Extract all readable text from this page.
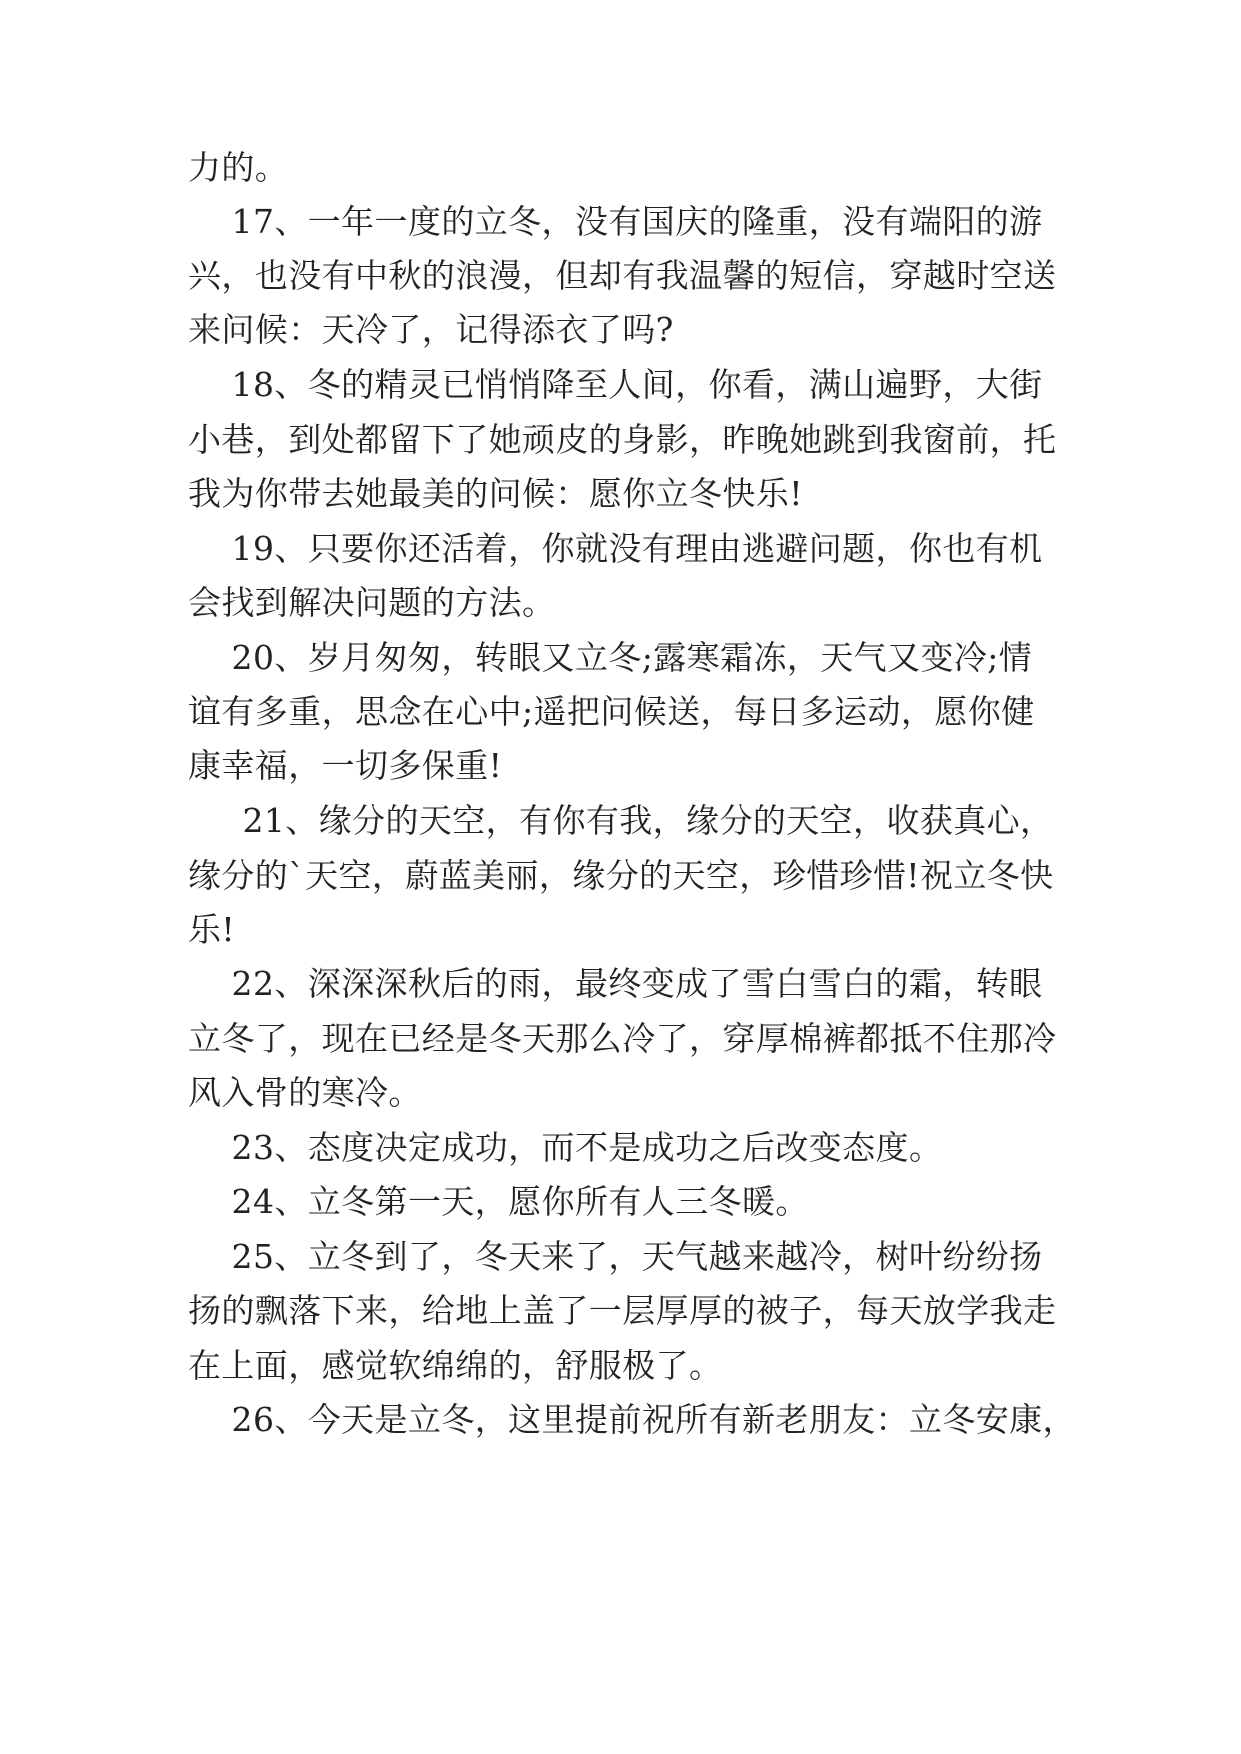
力的。
17、一年一度的立冬，没有国庆的隆重，没有端阳的游
兴，也没有中秋的浪漫，但却有我温馨的短信，穿越时空送
来问候：天冷了，记得添衣了吗?
18、冬的精灵已悄悄降至人间，你看，满山遍野，大街
小巷，到处都留下了她顽皮的身影，昨晚她跳到我窗前，托
我为你带去她最美的问候：愿你立冬快乐!
19、只要你还活着，你就没有理由逃避问题，你也有机
会找到解决问题的方法。
20、岁月匆匆，转眼又立冬;露寒霜冻，天气又变冷;情
谊有多重，思念在心中;遥把问候送，每日多运动，愿你健
康幸福，一切多保重!
21、缘分的天空，有你有我，缘分的天空，收获真心，
缘分的`天空，蔚蓝美丽，缘分的天空，珍惜珍惜!祝立冬快
乐!
22、深深深秋后的雨，最终变成了雪白雪白的霜，转眼
立冬了，现在已经是冬天那么冷了，穿厚棉裤都抵不住那冷
风入骨的寒冷。
23、态度决定成功，而不是成功之后改变态度。
24、立冬第一天，愿你所有人三冬暖。
25、立冬到了，冬天来了，天气越来越冷，树叶纷纷扬
扬的飘落下来，给地上盖了一层厚厚的被子，每天放学我走
在上面，感觉软绵绵的，舒服极了。
26、今天是立冬，这里提前祝所有新老朋友：立冬安康，
